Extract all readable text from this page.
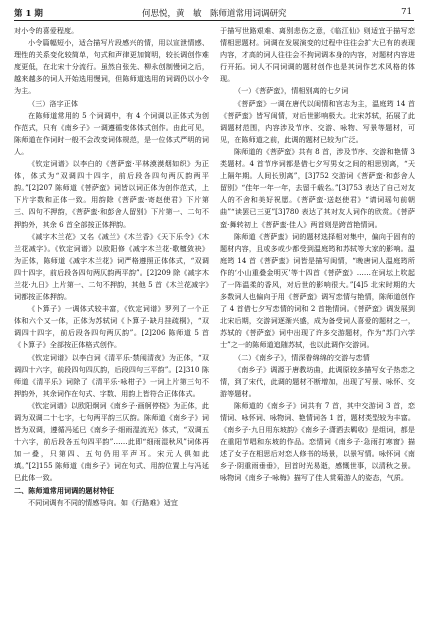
第 1 期	何思悦，黄　敏　陈师道常用词调研究	71

对小令的喜爱程度。

小令篇幅短小，适合描写片段感兴的情，用以宣泄情感、理性的关系变化较简单，句式和声律更加简明，较长调创作难度更低，在北宋十分流行。虽然自张先、柳永创制慢词之后，越来越多的词人开始选用慢词，但陈师道选用的词调仍以小令为主。

（三）洛字正体

在陈师道常用的 5 个词调中，有 4 个词调以正体式为创作范式，只有《南乡子》一调遵循变体体式创作。由此可见，陈师道在作词时一般不会改变词体规范，是一位体式严明的词人。

《钦定词谱》以李白的《菩萨蛮·平林漠漠烟如织》为正体，体式为“双调四十四字，前后段各四句两仄韵两平韵。”[2]207 陈师道《菩萨蛮》词皆以词正体为创作范式，上下片字数和正体一致。用韵除《菩萨蛮·寄赵使君》下片第三、四句不押韵，《菩萨蛮·和彭舍人留别》下片第一、二句不押韵外，其余 6 首全部按正体押韵。

《减字木兰花》又名《减兰》《木兰香》《天下乐令》《木兰花减字》。《钦定词谱》以欧阳修《减字木兰花·歌檀敛袂》为正体，陈师道《减字木兰花》词严格遵照正体体式，“双调四十四字，前后段各四句两仄韵两平韵”。[2]209 除《减字木兰花·九日》上片第一、二句不押韵，其他 5 首《木兰花减字》词都按正体押韵。

《卜算子》一调体式较丰富，《钦定词谱》罗列了一个正体和六个又一体，正体为苏轼词《卜算子·缺月挂疏桐》，“双调四十四字，前后段各四句两仄韵”。[2]206 陈师道 5 首《卜算子》全部按正体格式创作。

《钦定词谱》以李白词《清平乐·禁闱清夜》为正体，“双调四十六字，前段四句四仄韵，后段四句三平韵”。[2]310 陈师道《清平乐》词除了《清平乐·咏柑子》一词上片第三句不押韵外，其余词作在句式、字数、用韵上皆符合正体体式。

《钦定词谱》以欧阳炯词《南乡子·画舸停桡》为正体，此调为双调二十七字，七句两平韵三仄韵。陈师道《南乡子》词皆为双调，遵循冯延巳《南乡子·细雨湿流光》体式，“双调五十六字，前后段各五句四平韵”……此即“细雨湿秋风”词体再加一叠，只第四、五句仍用平声耳。宋元人俱如此填。”[2]155 陈师道《南乡子》词在句式、用韵位置上与冯延巳此体一致。

二、陈师道常用词调的题材特征

不同词调有不同的情感导向。如《行路难》适宜

于描写世路艰难、离别悲伤之意，《临江仙》则适宜于描写恋情相思题材。词调在发展演变的过程中往往会扩大已有的表现内容，才高的词人往往会不拘词调本身的内容，对题材内容进行开拓。词人不同词调的题材创作也是其词作艺术风格的体现。

（一）《菩萨蛮》，情相别离的七夕词

《菩萨蛮》一调在唐代以闺情和宫志为主，温庭筠 14 首《菩萨蛮》皆写闺情，对后世影响极大。北宋苏轼，拓展了此调题材范围，内容涉及节序、交游、咏物、写景等题材，可见，在陈师道之前，此调的题材已较为广泛。

陈师道的《菩萨蛮》共有 8 首，涉及节序、交游和艳情 3 类题材。4 首节序词都是借七夕写男女之间的相思别离，“天上隔年期。人间长别离”，[3]752 交游词《菩萨蛮·和彭舍人留别》“佳年一年一年，去留千载名。”[3]753 表达了自己对友人的不舍和美好祝愿。《菩萨蛮·送赵使君》“请词瑶句前朝曲”“读罢已三更”[3]780 表达了其对友人词作的欣赏。《菩萨蛮·舞转初上《菩萨蛮·佳人》两首则是跨首艳情词。

陈师道《菩萨蛮》词的题材选择相对集中，偏向于固有的题材内容，且或多或少都受到温庭筠和苏轼等大家的影响。温庭筠 14 首《菩萨蛮》词皆是描写闺情，“晚唐词人温庭筠所作的‘小山重叠金明灭’等十四首《菩萨蛮》……在词坛上吹起了一阵温柔的香风，对后世的影响很大。”[4]5 北宋时期的大多数词人也偏向于用《菩萨蛮》调写恋情与艳情，陈师道创作了 4 首借七夕写恋情的词和 2 首艳情词。《菩萨蛮》调发展到北宋后期，交游词逐渐兴盛，成为备受词人喜爱的题材之一，苏轼的《菩萨蛮》词中出现了许多交游题材，作为“苏门六学士”之一的陈师道追随苏轼，也以此调作交游词。

（二）《南乡子》，情深眷绵绵的交游与恋情

《南乡子》调源于唐教坊曲，此调原较多描写女子热恋之情，到了宋代，此调的题材不断增加，出现了写景、咏怀、交游等题材。

陈师道的《南乡子》词共有 7 首，其中交游词 3 首，恋情词、咏怀词、咏物词、艳情词各 1 首，题材类型较为丰富。《南乡子·九日用东坡韵》《南乡子·潇洒去羁收》是组词，都是在重阳节唱和东坡的作品。恋情词《南乡子·急雨打寒窗》描述了女子在相思后对恋人修书的场景，以景写情。咏怀词《南乡子·阴重雨垂垂》，回首时光易逝，感慨世事，以清秋之景。咏物词《南乡子·咏梅》描写了佳人赏菊游人的姿态，气质。
